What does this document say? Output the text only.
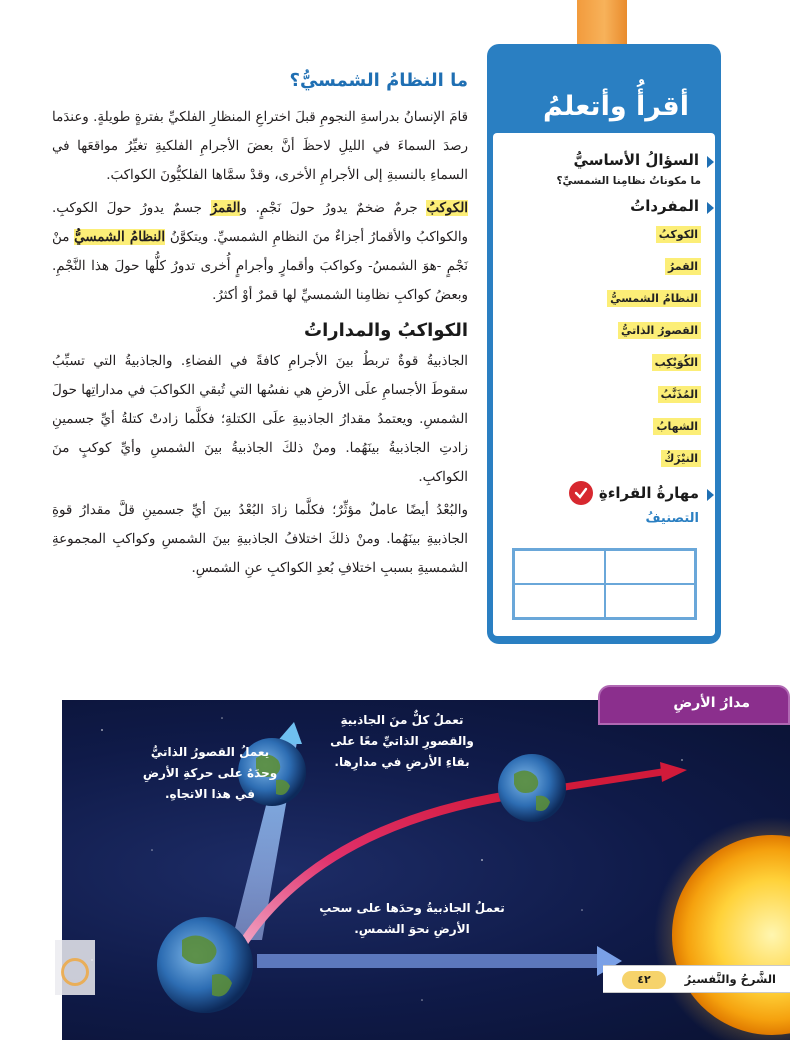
أقرأُ وأتعلمُ
السؤالُ الأساسيُّ
ما مكوناتُ نظامِنا الشمسيِّ؟
المفرداتُ
الكوكبُ
القمرُ
النظامُ الشمسيُّ
القصورُ الذاتيُّ
الكُوَيْكِب
المُذَنَّبُ
الشهابُ
النيْزَكُ
مهارةُ القراءةِ
التصنيفُ
ما النظامُ الشمسيُّ؟

قامَ الإنسانُ بدراسةِ النجومِ قبلَ اختراعِ المنظارِ الفلكيِّ بفترةٍ طويلةٍ. وعندَما رصدَ السماءَ في الليلِ لاحظَ أنَّ بعضَ الأجرامِ الفلكيةِ تغيِّرُ مواقعَها في السماءِ بالنسبةِ إلى الأجرامِ الأخرى، وقدْ سمَّاها الفلكيُّونَ الكواكبَ.

الكوكبُ جرمٌ ضخمٌ يدورُ حولَ نَجْمٍ. والقمرُ جسمٌ يدورُ حولَ الكوكبِ. والكواكبُ والأقمارُ أجزاءٌ منَ النظامِ الشمسيِّ. ويتكوَّنُ النظامُ الشمسيُّ منْ نَجْمٍ -هوَ الشمسُ- وكواكبَ وأقمارٍ وأجرامٍ أُخرى تدورُ كلُّها حولَ هذا النَّجْمِ. وبعضُ كواكبِ نظامِنا الشمسيِّ لها قمرٌ أوْ أكثرُ.

الكواكبُ والمداراتُ

الجاذبيةُ قوةٌ تربطُ بينَ الأجرامِ كافةً في الفضاءِ. والجاذبيةُ التي تسبِّبُ سقوطَ الأجسامِ علَى الأرضِ هي نفسُها التي تُبقي الكواكبَ في مداراتِها حولَ الشمسِ. ويعتمدُ مقدارُ الجاذبيةِ علَى الكتلةِ؛ فكلَّما زادتْ كتلةُ أيِّ جسمينِ زادتِ الجاذبيةُ بينَهُما. ومنْ ذلكَ الجاذبيةُ بينَ الشمسِ وأيِّ كوكبٍ منَ الكواكبِ.

والبُعْدُ أيضًا عاملٌ مؤثِّرٌ؛ فكلَّما زادَ البُعْدُ بينَ أيِّ جسمينِ قلَّ مقدارُ قوةِ الجاذبيةِ بينَهُما. ومنْ ذلكَ اختلافُ الجاذبيةِ بينَ الشمسِ وكواكبِ المجموعةِ الشمسيةِ بسببِ اختلافِ بُعدِ الكواكبِ عنِ الشمسِ.

يعملُ القصورُ الذاتيُّ وحدَهُ على حركةِ الأرضِ في هذا الاتجاهِ.
تعملُ كلٌّ منَ الجاذبيةِ والقصورِ الذاتيِّ معًا على بقاءِ الأرضِ في مدارِها.
تعملُ الجاذبيةُ وحدَها على سحبِ الأرضِ نحوَ الشمسِ.
مدارُ الأرضِ
الشَّرحُ والتَّفسيرُ
٤٢
